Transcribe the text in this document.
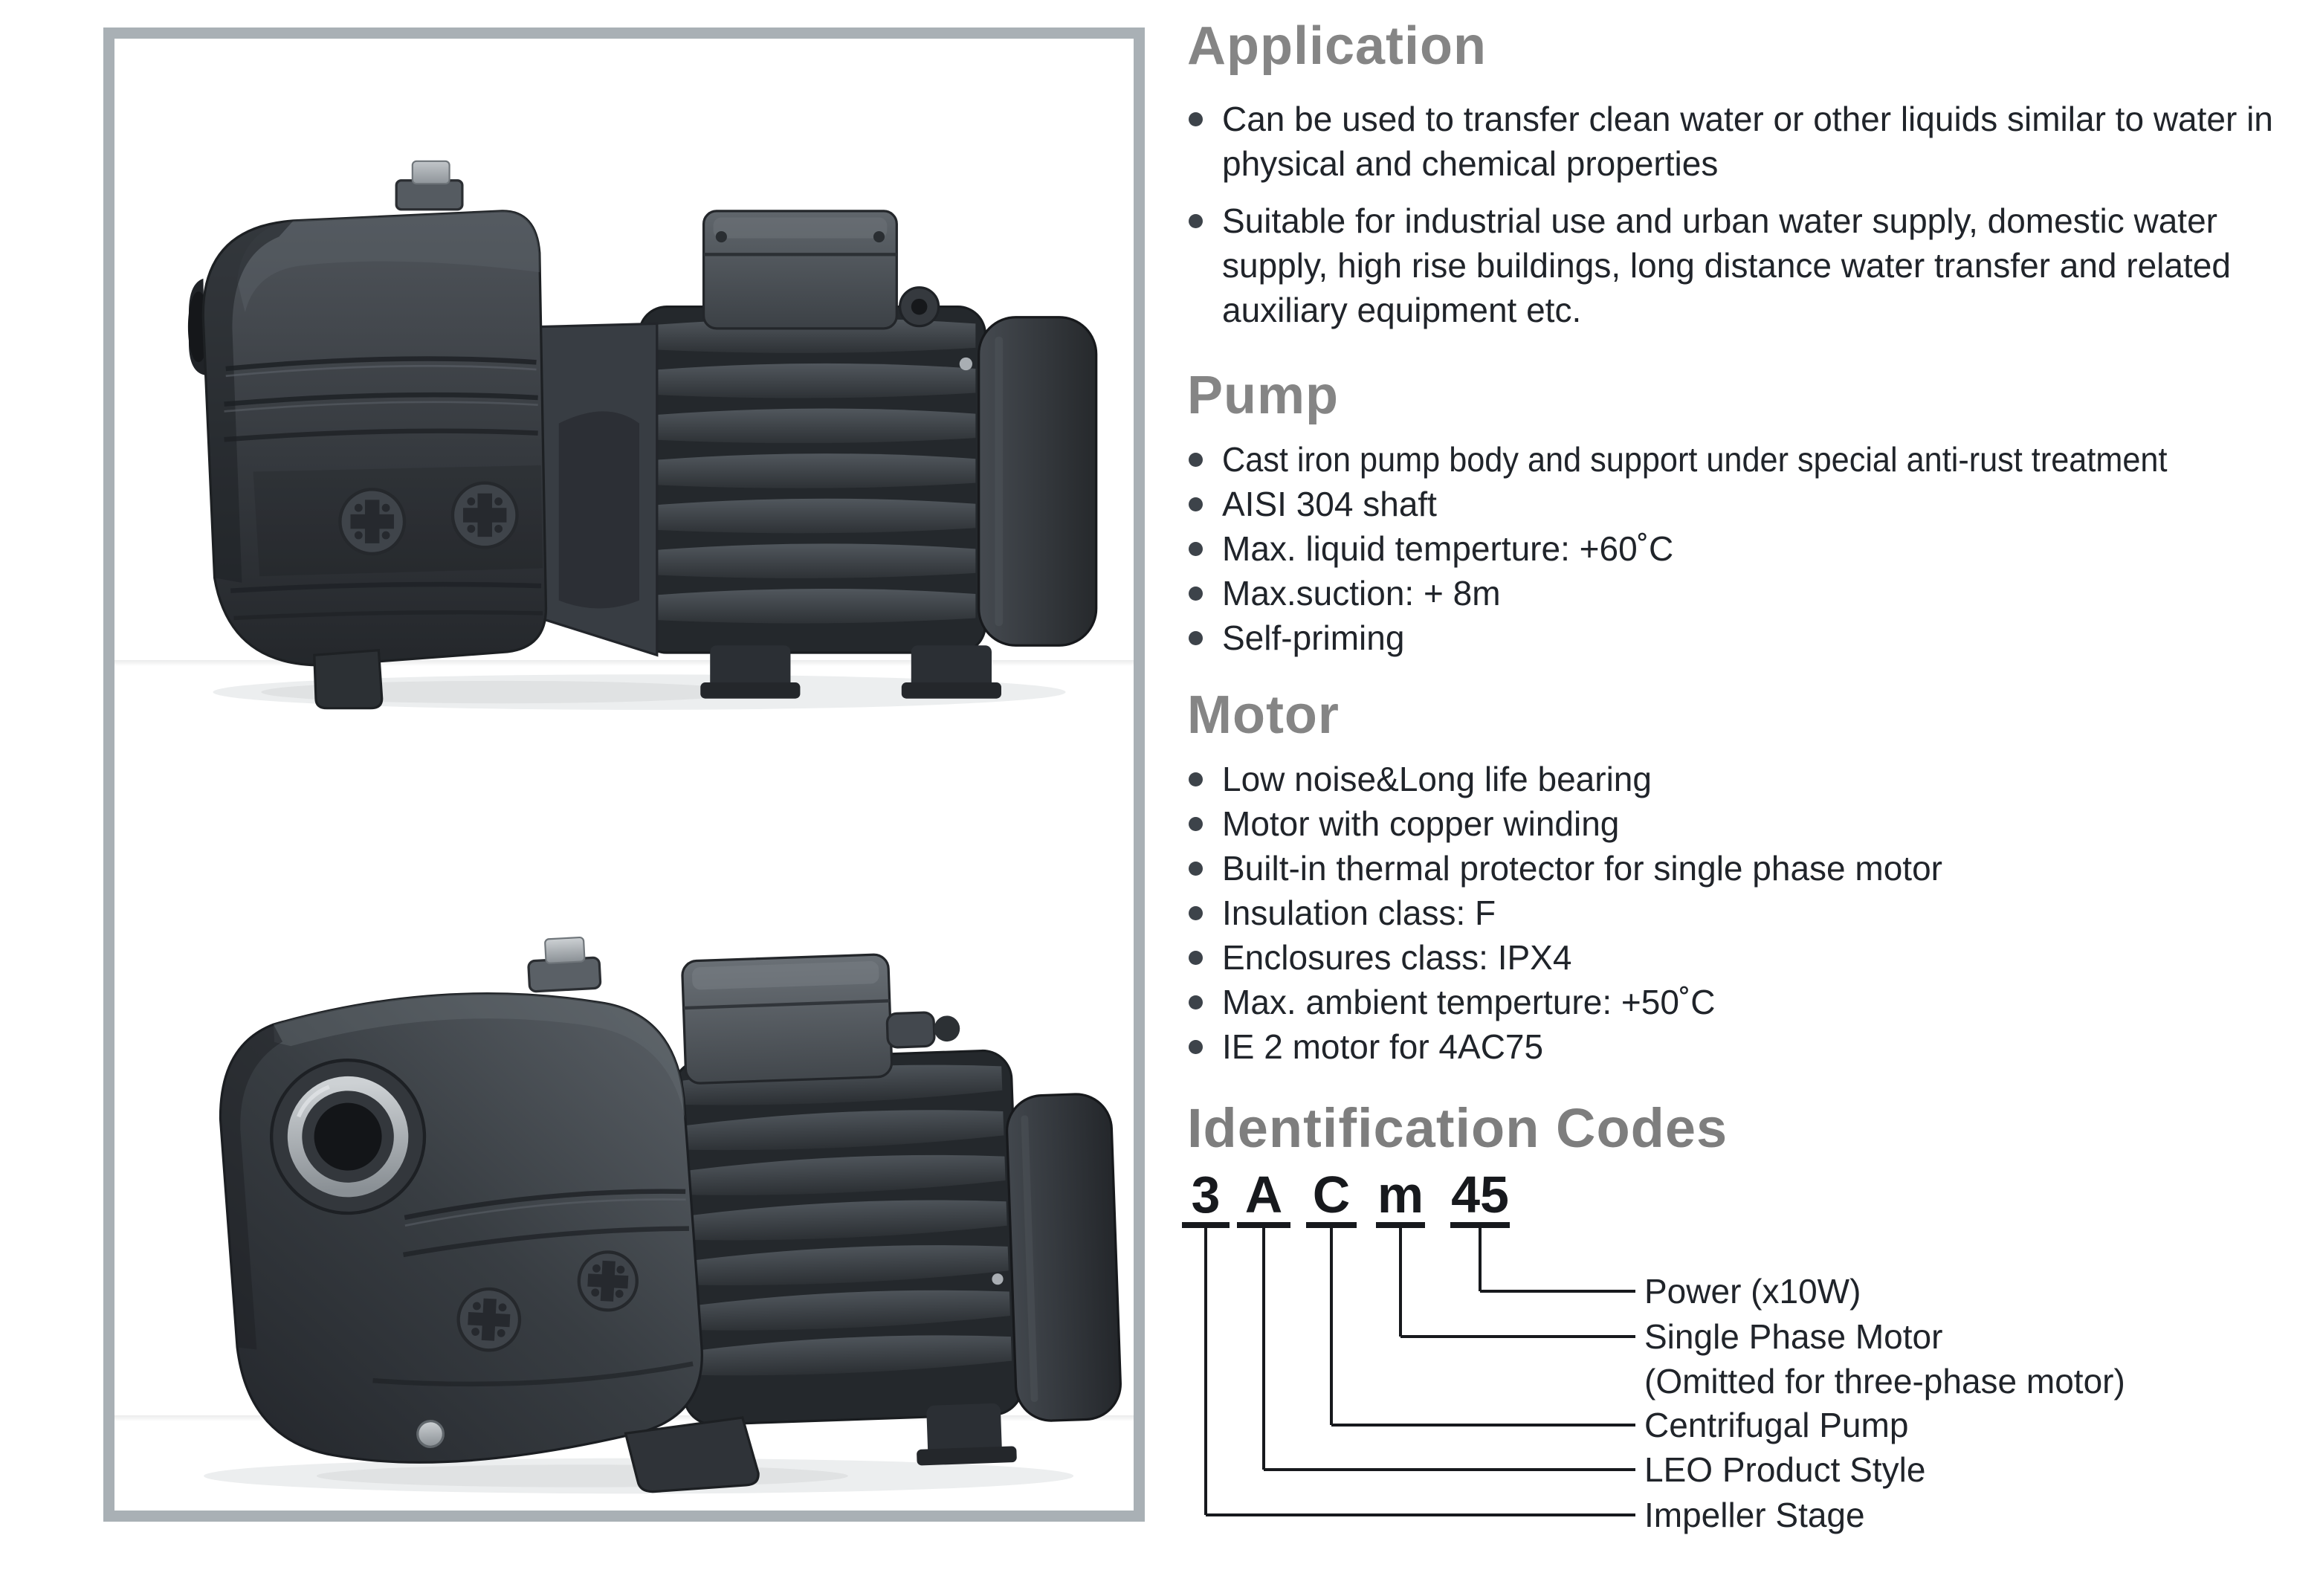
Application
Can be used to transfer clean water or other liquids similar to water in physical and chemical properties
Suitable for industrial use and urban water supply, domestic water supply, high rise buildings, long distance water transfer and related auxiliary equipment etc.
Pump
Cast iron pump body and support under special anti-rust treatment
AISI 304 shaft
Max. liquid temperture: +60˚C
Max.suction: + 8m
Self-priming
Motor
Low noise&Long life bearing
Motor with copper winding
Built-in thermal protector for single phase motor
Insulation class: F
Enclosures class: IPX4
Max. ambient temperture: +50˚C
IE 2 motor for 4AC75
Identification Codes
3 A C m 45
Power (x10W)
Single Phase Motor
(Omitted for three-phase motor)
Centrifugal Pump
LEO Product Style
Impeller Stage
